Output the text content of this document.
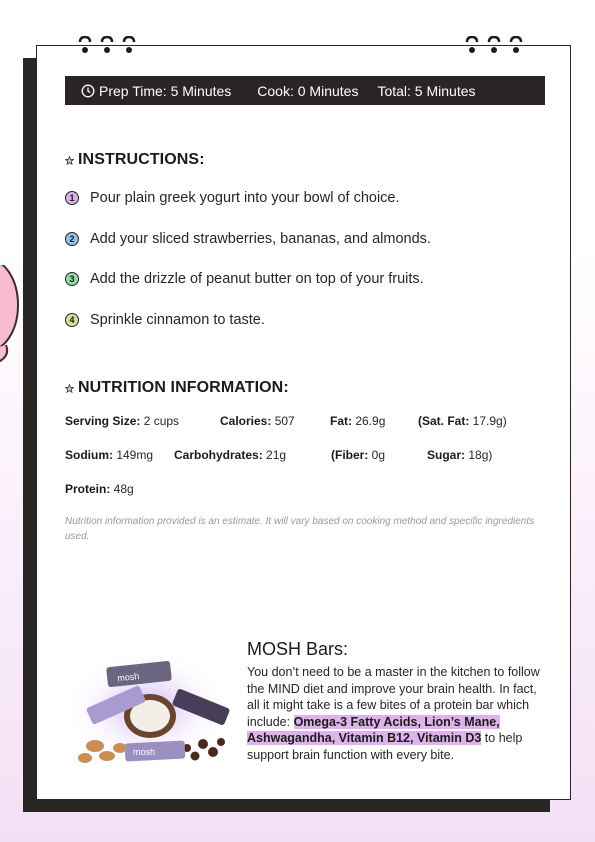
Prep Time: 5 Minutes Cook: 0 Minutes Total: 5 Minutes
INSTRUCTIONS:
1	Pour plain greek yogurt into your bowl of choice.
2	Add your sliced strawberries, bananas, and almonds.
3	Add the drizzle of peanut butter on top of your fruits.
4	Sprinkle cinnamon to taste.
NUTRITION INFORMATION:
Serving Size: 2 cups	Calories: 507	Fat: 26.9g	(Sat. Fat: 17.9g)
Sodium: 149mg Carbohydrates: 21g	(Fiber: 0g	Sugar: 18g)
Protein: 48g
Nutrition information provided is an estimate. It will vary based on cooking method and specific ingredients used.
mosh
mosh
MOSH Bars:
You don’t need to be a master in the kitchen to follow the MIND diet and improve your brain health. In fact, all it might take is a few bites of a protein bar which include: Omega-3 Fatty Acids, Lion’s Mane, Ashwagandha, Vitamin B12, Vitamin D3 to help support brain function with every bite.
